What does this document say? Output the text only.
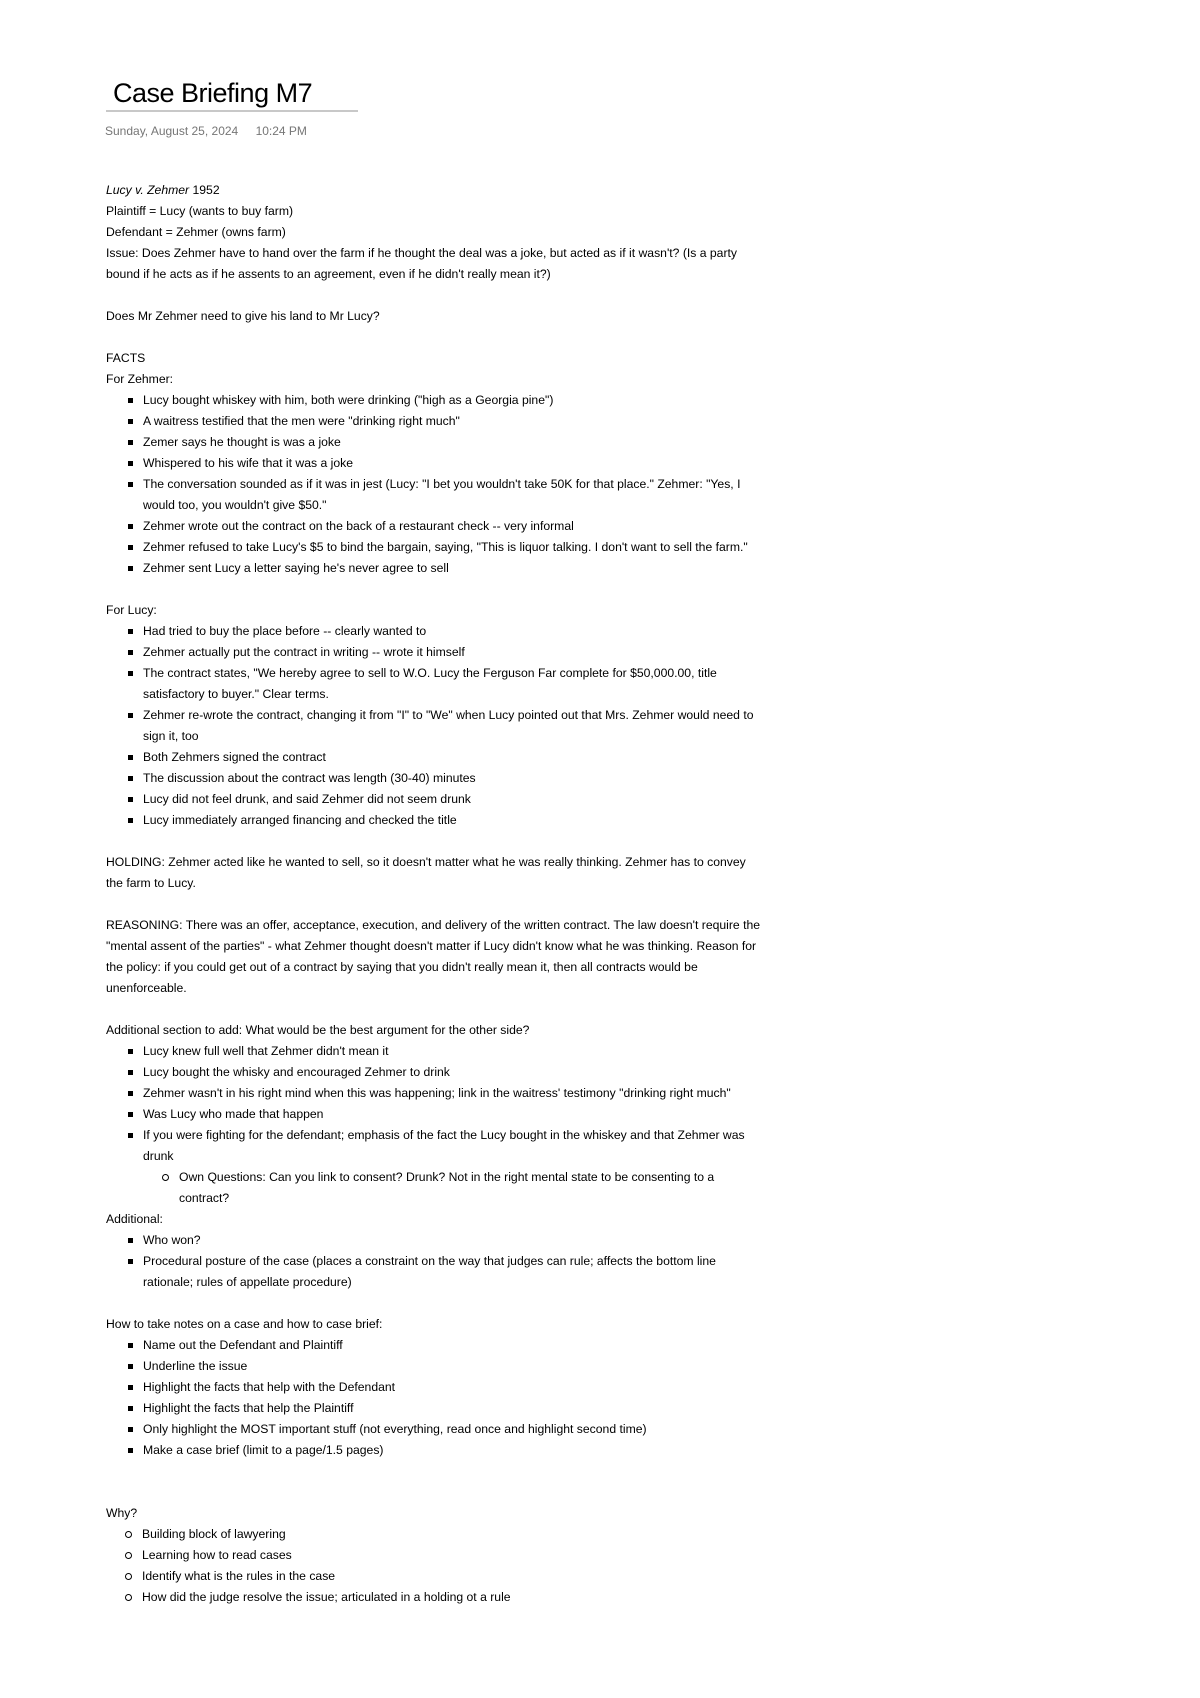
Case Briefing M7
Sunday, August 25, 2024 10:24 PM
Lucy v. Zehmer 1952
Plaintiff = Lucy (wants to buy farm)
Defendant = Zehmer (owns farm)
Issue: Does Zehmer have to hand over the farm if he thought the deal was a joke, but acted as if it wasn't? (Is a party bound if he acts as if he assents to an agreement, even if he didn't really mean it?)
Does Mr Zehmer need to give his land to Mr Lucy?
FACTS
For Zehmer:
Lucy bought whiskey with him, both were drinking ("high as a Georgia pine")
A waitress testified that the men were "drinking right much"
Zemer says he thought is was a joke
Whispered to his wife that it was a joke
The conversation sounded as if it was in jest (Lucy: "I bet you wouldn't take 50K for that place." Zehmer: "Yes, I would too, you wouldn't give $50."
Zehmer wrote out the contract on the back of a restaurant check -- very informal
Zehmer refused to take Lucy's $5 to bind the bargain, saying, "This is liquor talking. I don't want to sell the farm."
Zehmer sent Lucy a letter saying he's never agree to sell
For Lucy:
Had tried to buy the place before -- clearly wanted to
Zehmer actually put the contract in writing -- wrote it himself
The contract states, "We hereby agree to sell to W.O. Lucy the Ferguson Far complete for $50,000.00, title satisfactory to buyer." Clear terms.
Zehmer re-wrote the contract, changing it from "I" to "We" when Lucy pointed out that Mrs. Zehmer would need to sign it, too
Both Zehmers signed the contract
The discussion about the contract was length (30-40) minutes
Lucy did not feel drunk, and said Zehmer did not seem drunk
Lucy immediately arranged financing and checked the title
HOLDING: Zehmer acted like he wanted to sell, so it doesn't matter what he was really thinking. Zehmer has to convey the farm to Lucy.
REASONING: There was an offer, acceptance, execution, and delivery of the written contract. The law doesn't require the "mental assent of the parties" - what Zehmer thought doesn't matter if Lucy didn't know what he was thinking. Reason for the policy: if you could get out of a contract by saying that you didn't really mean it, then all contracts would be unenforceable.
Additional section to add: What would be the best argument for the other side?
Lucy knew full well that Zehmer didn't mean it
Lucy bought the whisky and encouraged Zehmer to drink
Zehmer wasn't in his right mind when this was happening; link in the waitress' testimony "drinking right much"
Was Lucy who made that happen
If you were fighting for the defendant; emphasis of the fact the Lucy bought in the whiskey and that Zehmer was drunk
Own Questions: Can you link to consent? Drunk? Not in the right mental state to be consenting to a contract?
Additional:
Who won?
Procedural posture of the case (places a constraint on the way that judges can rule; affects the bottom line rationale; rules of appellate procedure)
How to take notes on a case and how to case brief:
Name out the Defendant and Plaintiff
Underline the issue
Highlight the facts that help with the Defendant
Highlight the facts that help the Plaintiff
Only highlight the MOST important stuff (not everything, read once and highlight second time)
Make a case brief (limit to a page/1.5 pages)
Why?
Building block of lawyering
Learning how to read cases
Identify what is the rules in the case
How did the judge resolve the issue; articulated in a holding ot a rule
